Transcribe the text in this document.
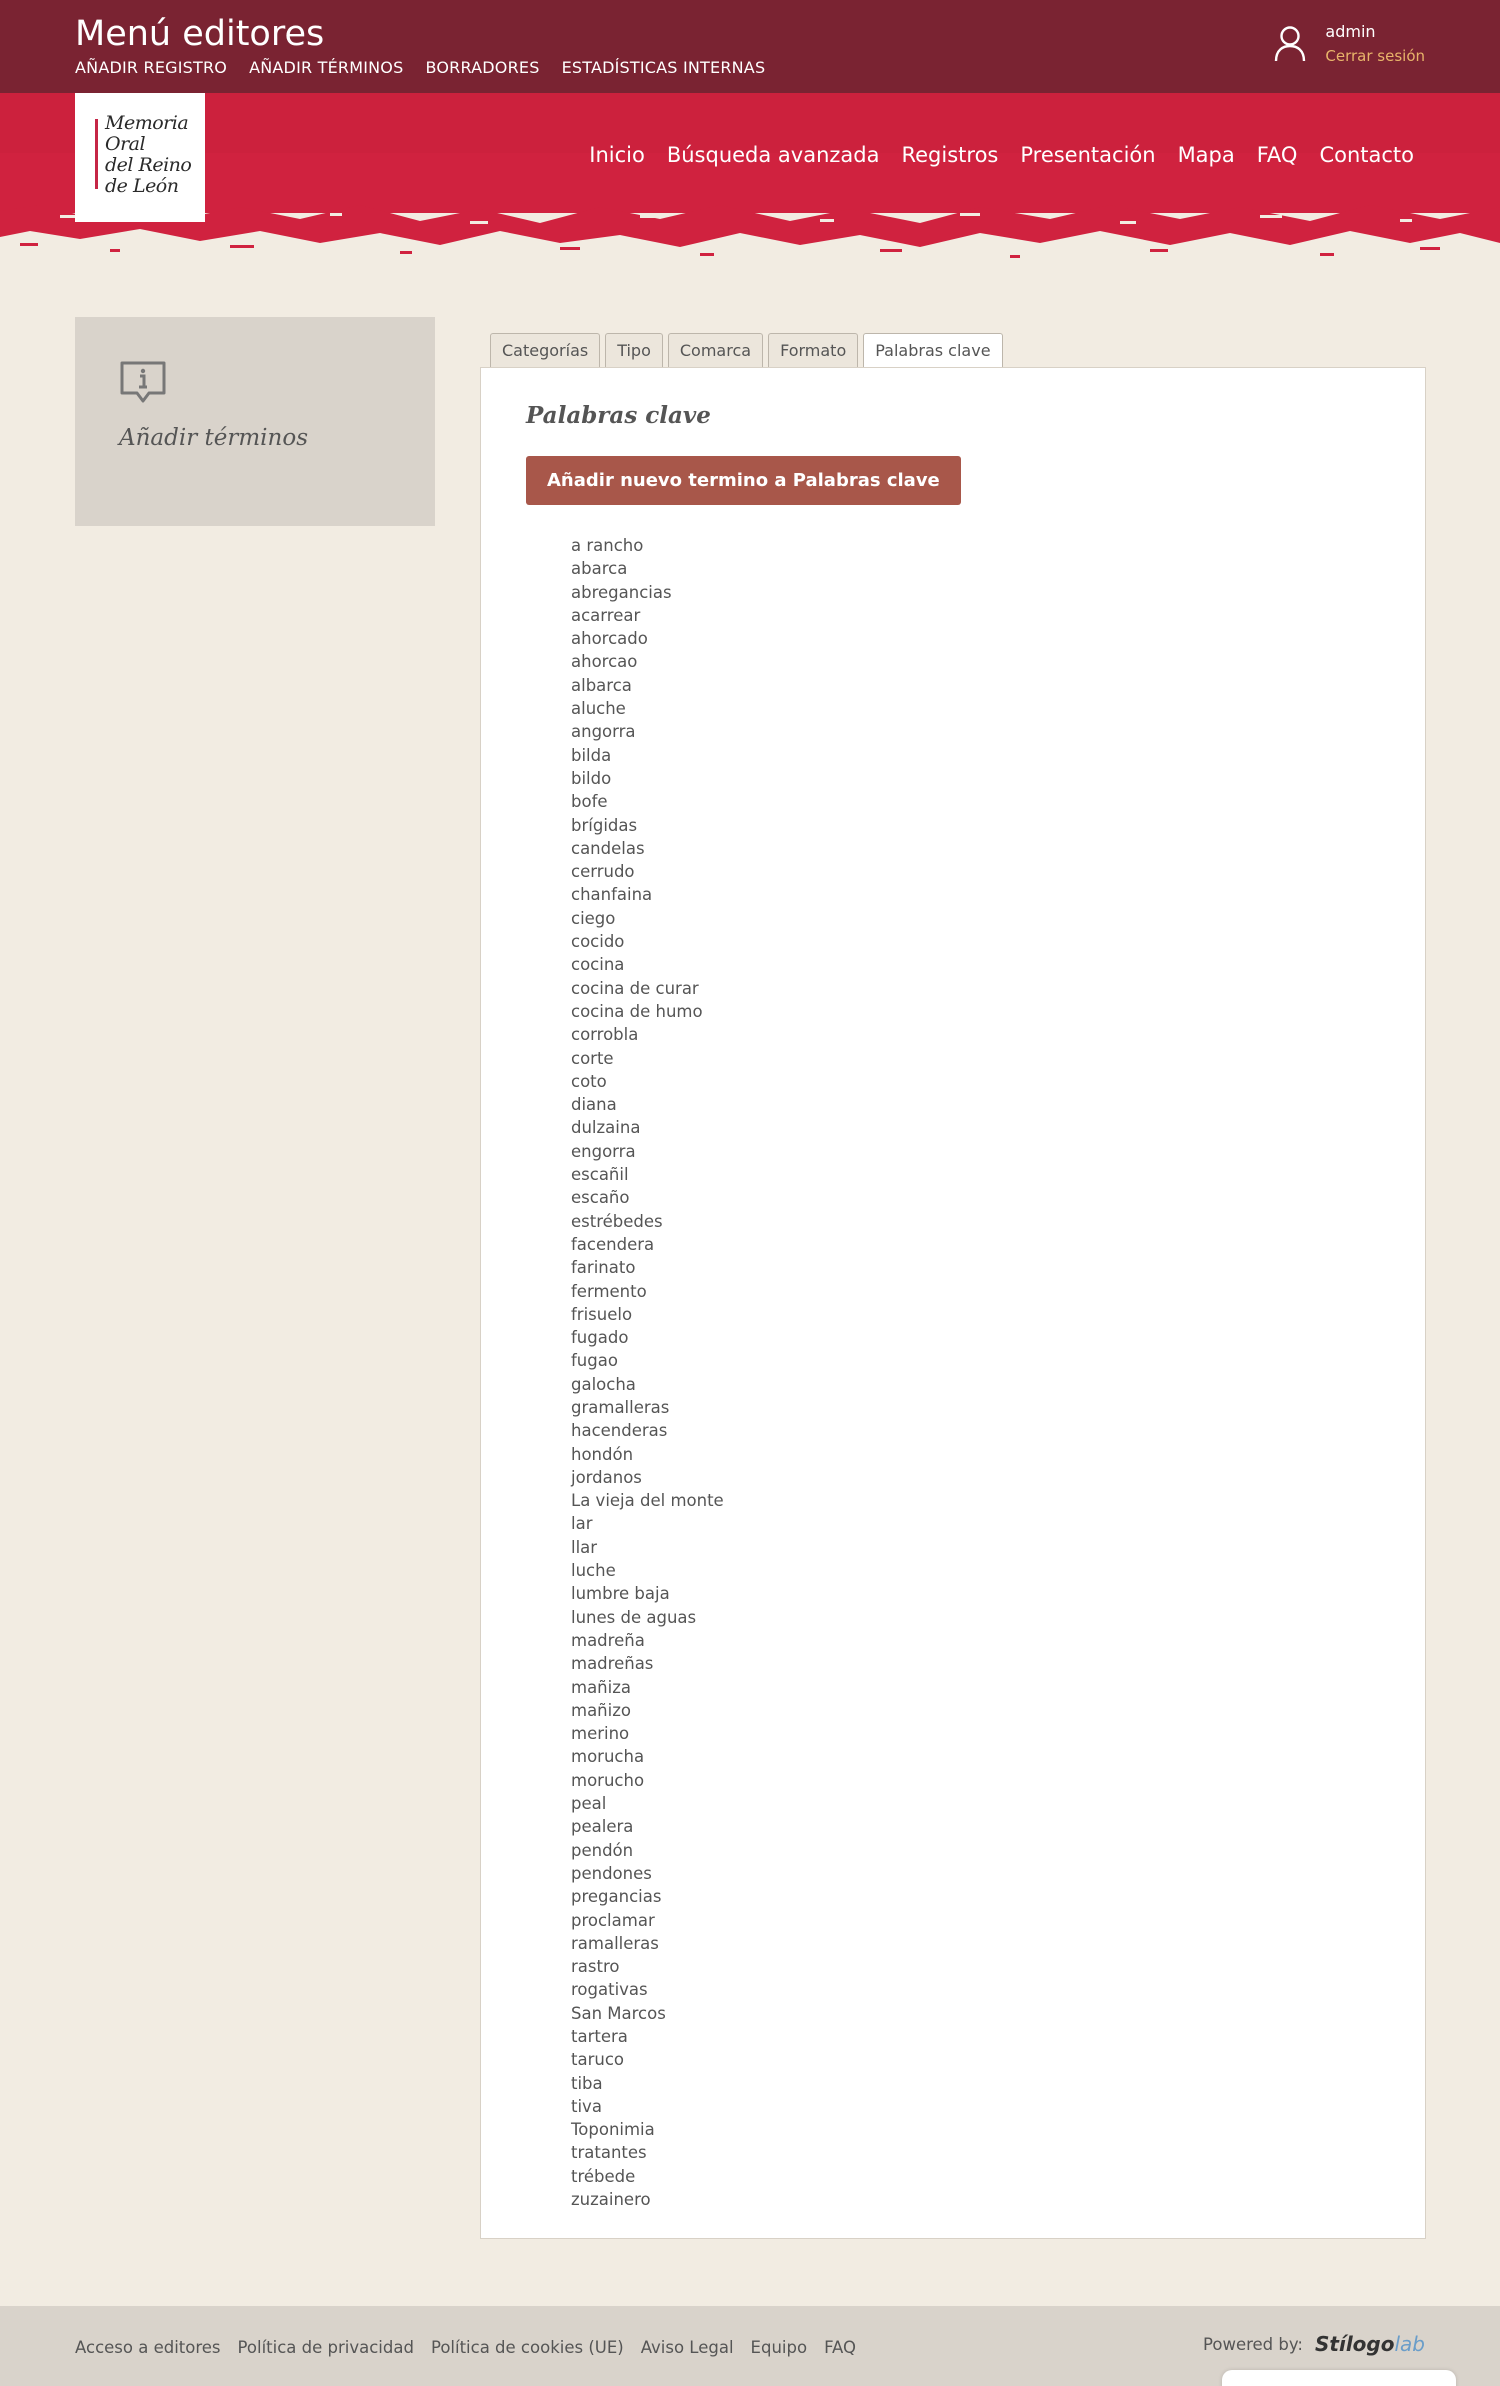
Menú editores
AÑADIR REGISTRO AÑADIR TÉRMINOS BORRADORES ESTADÍSTICAS INTERNAS
admin
Cerrar sesión
Memoria
Oral
del Reino
de León
Inicio Búsqueda avanzada Registros Presentación Mapa FAQ Contacto
Añadir términos
Categorías	Tipo	Comarca	Formato	Palabras clave
Palabras clave
Añadir nuevo termino a Palabras clave
a rancho
abarca
abregancias
acarrear
ahorcado
ahorcao
albarca
aluche
angorra
bilda
bildo
bofe
brígidas
candelas
cerrudo
chanfaina
ciego
cocido
cocina
cocina de curar
cocina de humo
corrobla
corte
coto
diana
dulzaina
engorra
escañil
escaño
estrébedes
facendera
farinato
fermento
frisuelo
fugado
fugao
galocha
gramalleras
hacenderas
hondón
jordanos
La vieja del monte
lar
llar
luche
lumbre baja
lunes de aguas
madreña
madreñas
mañiza
mañizo
merino
morucha
morucho
peal
pealera
pendón
pendones
pregancias
proclamar
ramalleras
rastro
rogativas
San Marcos
tartera
taruco
tiba
tiva
Toponimia
tratantes
trébede
zuzainero
Acceso a editores Política de privacidad Política de cookies (UE) Aviso Legal Equipo FAQ	Powered by: Stílogolab
